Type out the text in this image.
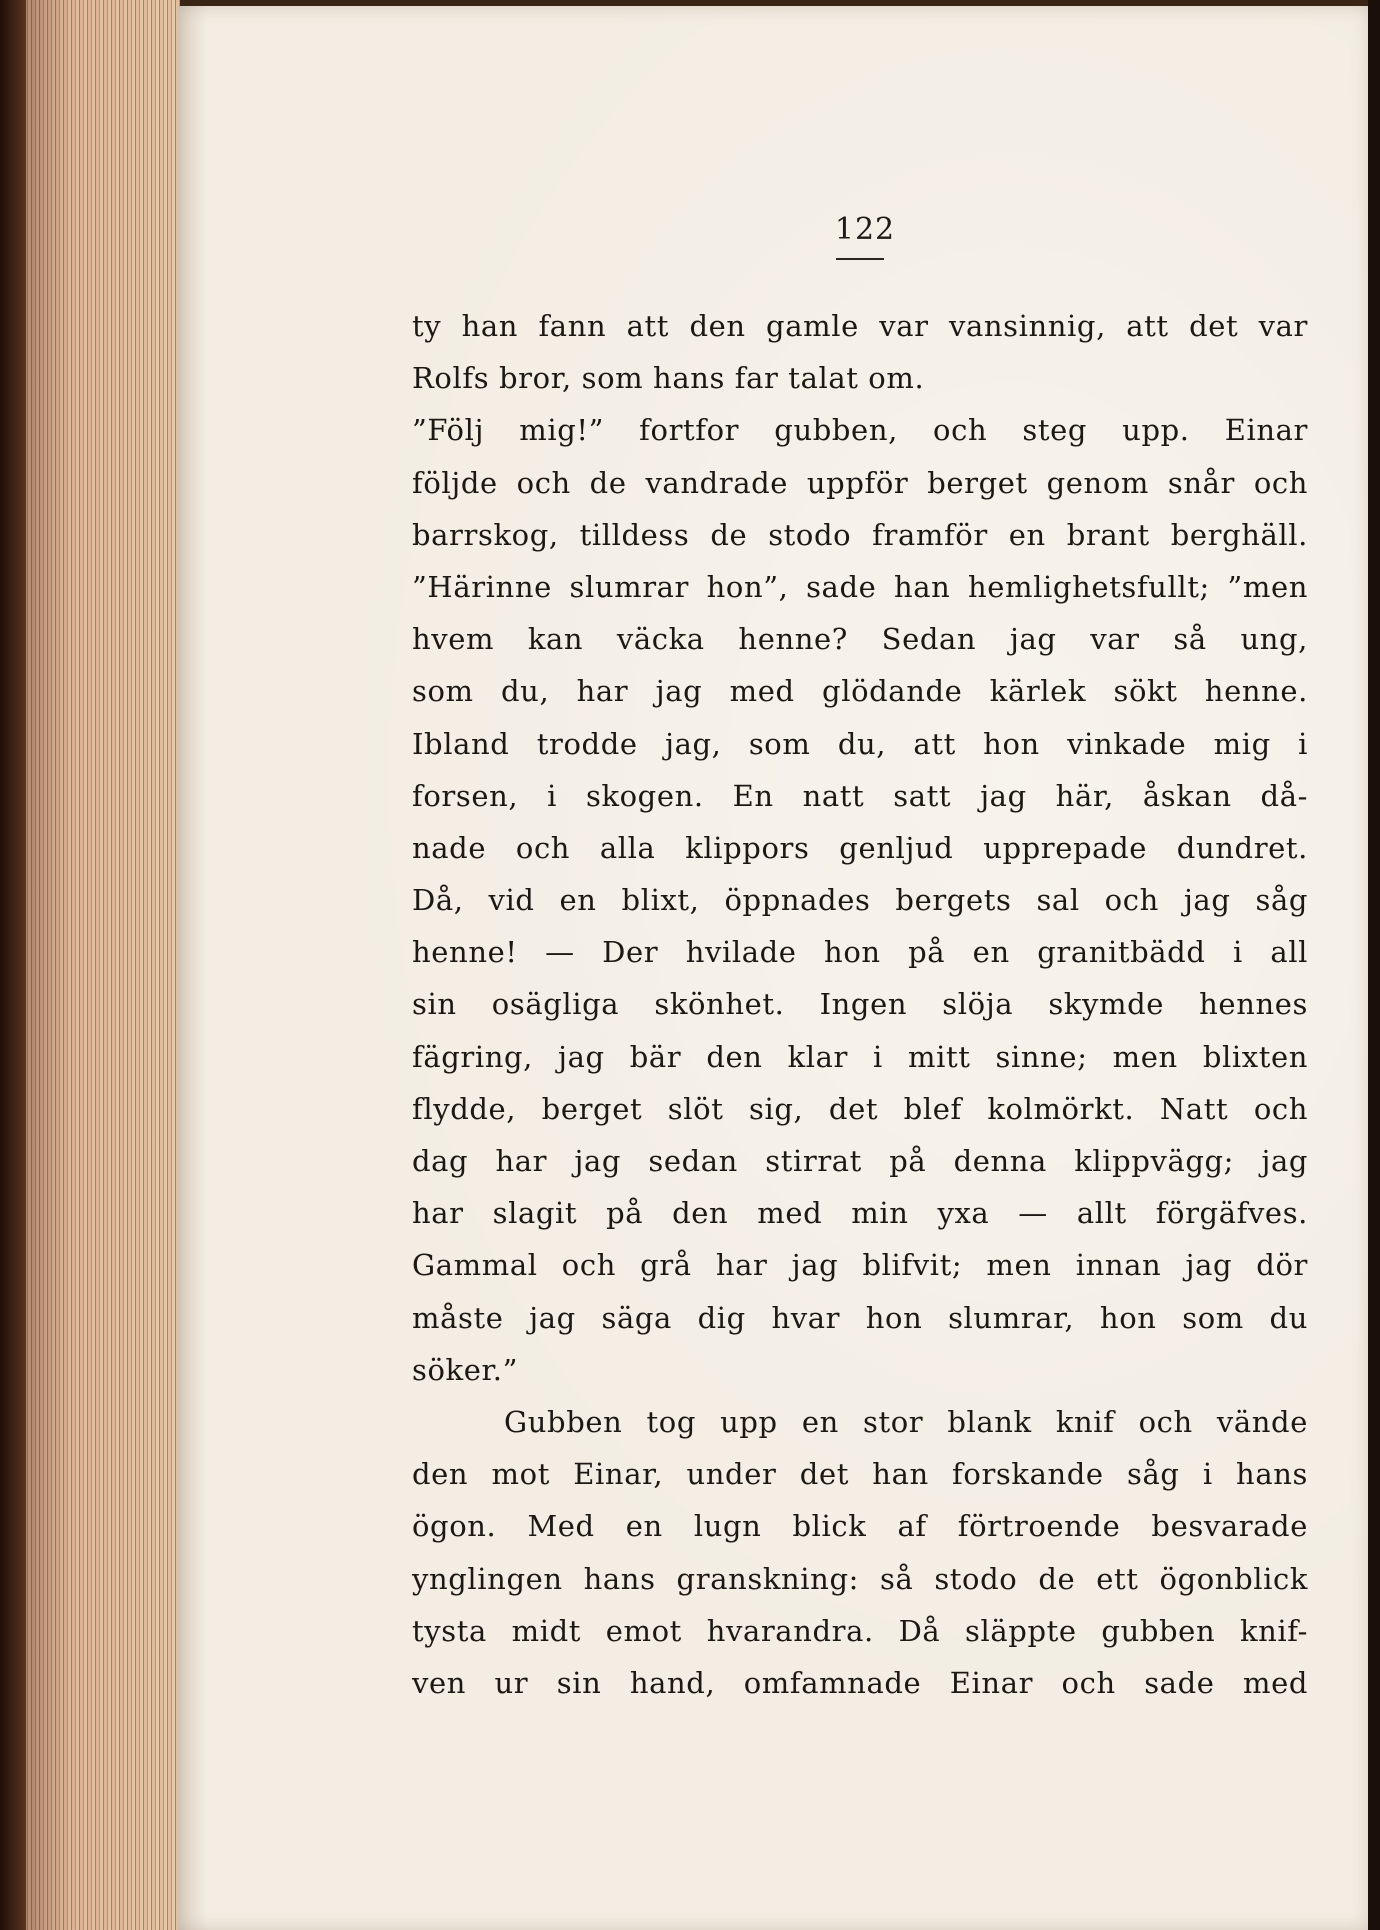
122
ty han fann att den gamle var vansinnig, att det var
Rolfs bror, som hans far talat om.
”Följ mig!” fortfor gubben, och steg upp. Einar
följde och de vandrade uppför berget genom snår och
barrskog, tilldess de stodo framför en brant berghäll.
”Härinne slumrar hon”, sade han hemlighetsfullt; ”men
hvem kan väcka henne? Sedan jag var så ung,
som du, har jag med glödande kärlek sökt henne.
Ibland trodde jag, som du, att hon vinkade mig i
forsen, i skogen. En natt satt jag här, åskan då-
nade och alla klippors genljud upprepade dundret.
Då, vid en blixt, öppnades bergets sal och jag såg
henne! — Der hvilade hon på en granitbädd i all
sin osägliga skönhet. Ingen slöja skymde hennes
fägring, jag bär den klar i mitt sinne; men blixten
flydde, berget slöt sig, det blef kolmörkt. Natt och
dag har jag sedan stirrat på denna klippvägg; jag
har slagit på den med min yxa — allt förgäfves.
Gammal och grå har jag blifvit; men innan jag dör
måste jag säga dig hvar hon slumrar, hon som du
söker.”
Gubben tog upp en stor blank knif och vände
den mot Einar, under det han forskande såg i hans
ögon. Med en lugn blick af förtroende besvarade
ynglingen hans granskning: så stodo de ett ögonblick
tysta midt emot hvarandra. Då släppte gubben knif-
ven ur sin hand, omfamnade Einar och sade med
